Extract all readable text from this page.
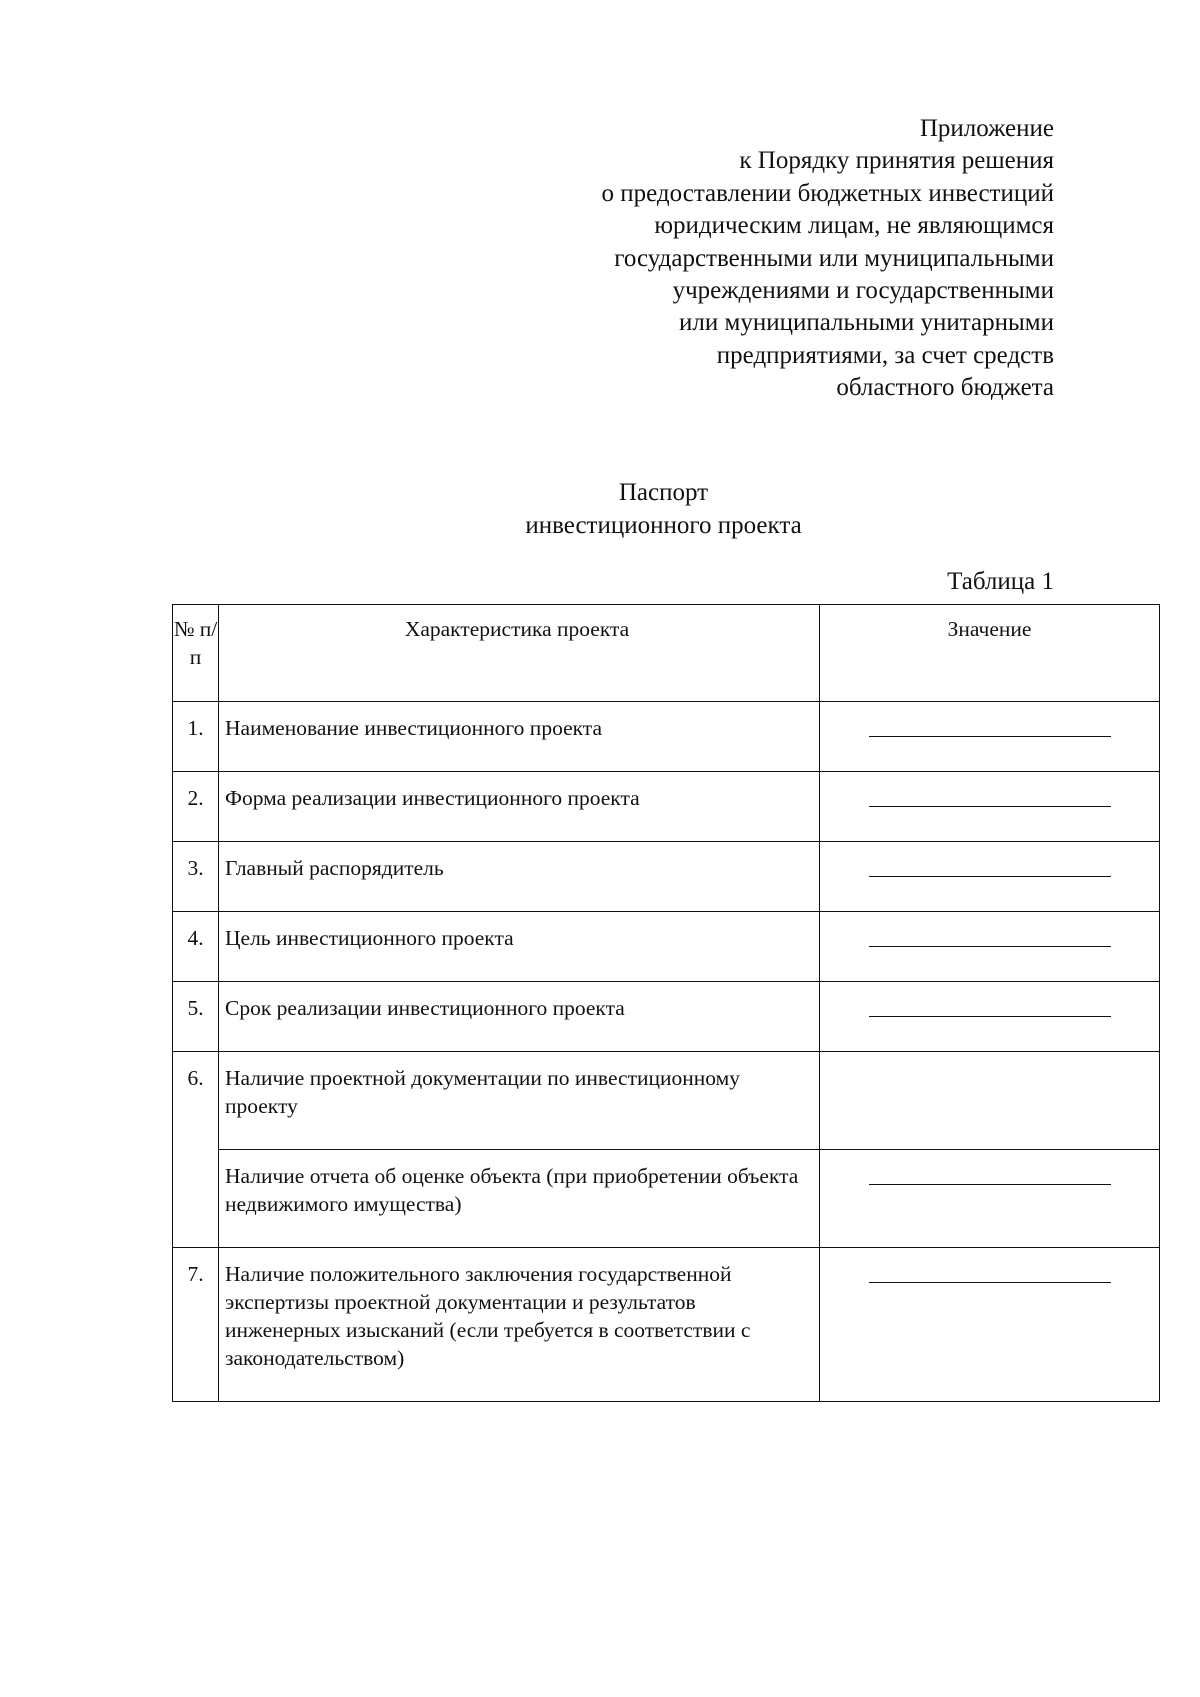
Приложение
к Порядку принятия решения
о предоставлении бюджетных инвестиций
юридическим лицам, не являющимся
государственными или муниципальными
учреждениями и государственными
или муниципальными унитарными
предприятиями, за счет средств
областного бюджета
Паспорт
инвестиционного проекта
Таблица 1
№ п/п	Характеристика проекта	Значение
1.	Наименование инвестиционного проекта	
2.	Форма реализации инвестиционного проекта	
3.	Главный распорядитель	
4.	Цель инвестиционного проекта	
5.	Срок реализации инвестиционного проекта	
6.	Наличие проектной документации по инвестиционному проекту	
	Наличие отчета об оценке объекта (при приобретении объекта недвижимого имущества)	
7.	Наличие положительного заключения государственной экспертизы проектной документации и результатов инженерных изысканий (если требуется в соответствии с законодательством)	
